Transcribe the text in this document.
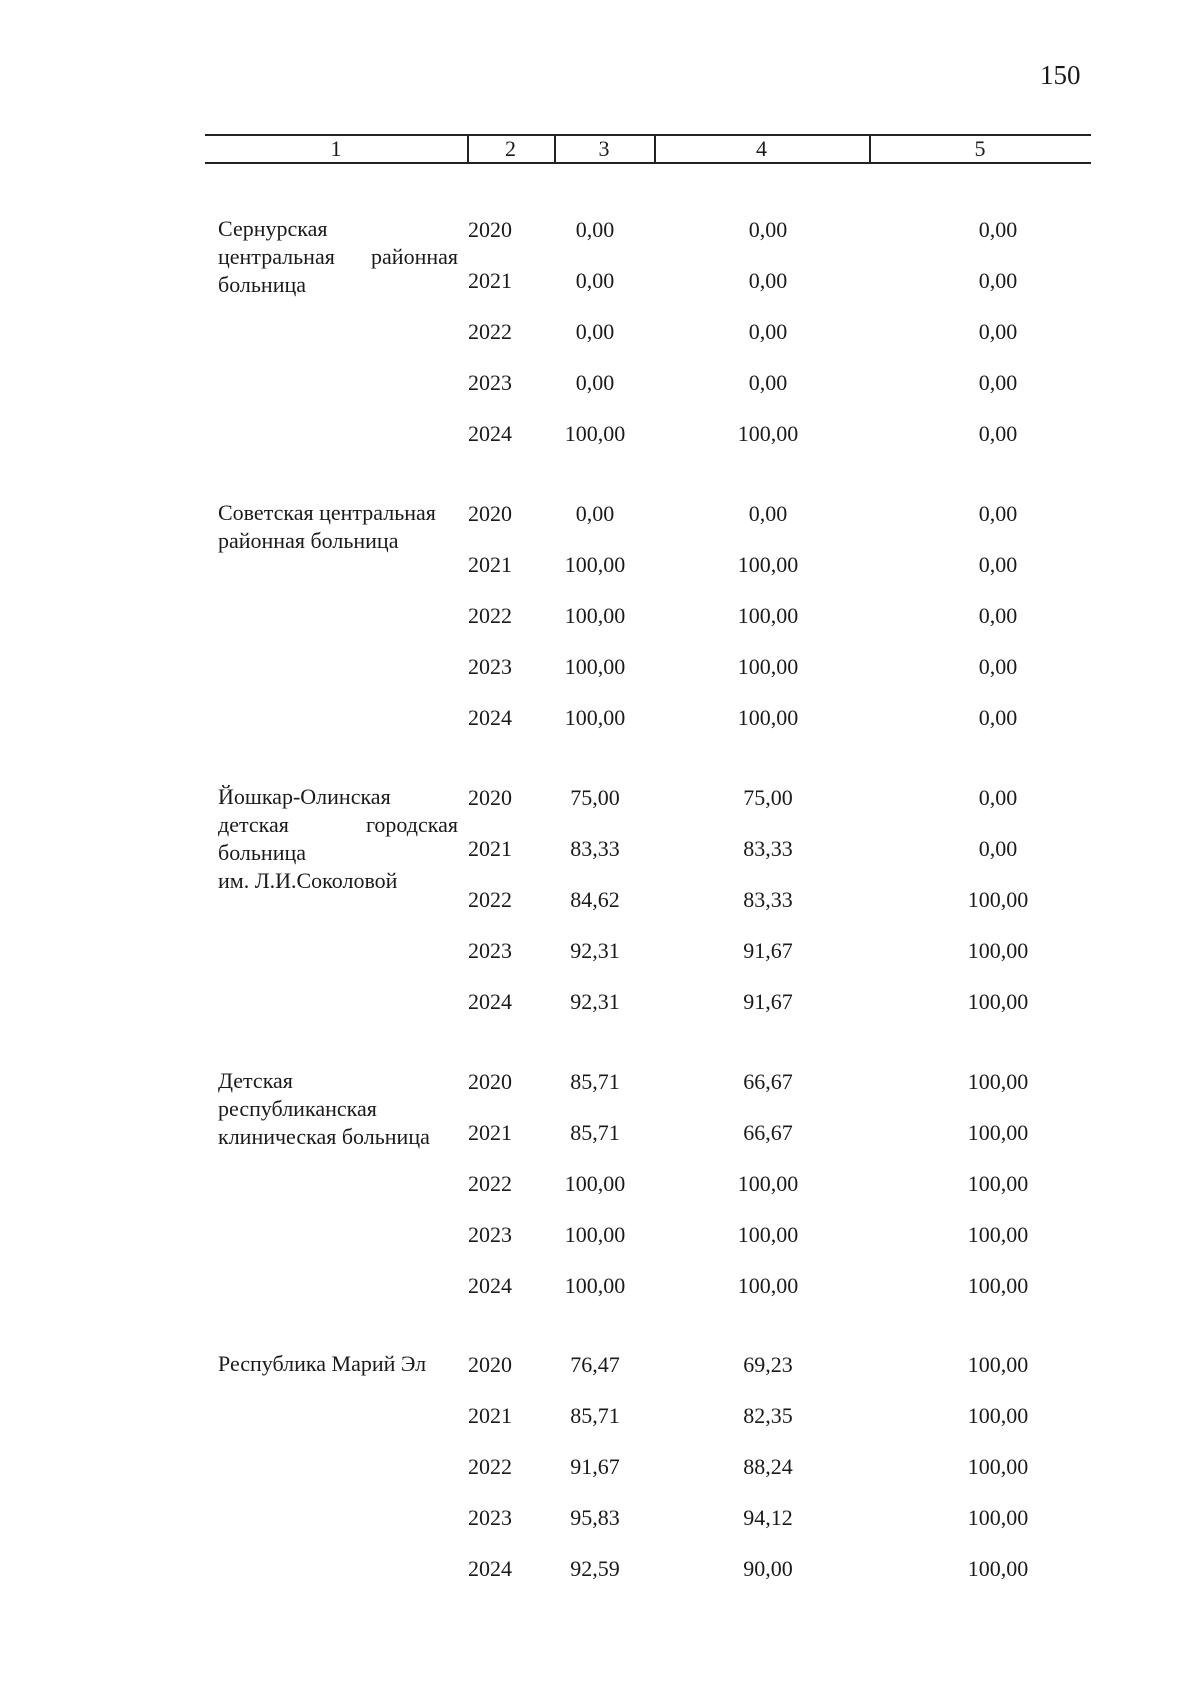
150
1	2	3	4	5
Сернурская
центральная районная
больница
2020	0,00	0,00	0,00
2021	0,00	0,00	0,00
2022	0,00	0,00	0,00
2023	0,00	0,00	0,00
2024	100,00	100,00	0,00
Советская центральная
районная больница
2020	0,00	0,00	0,00
2021	100,00	100,00	0,00
2022	100,00	100,00	0,00
2023	100,00	100,00	0,00
2024	100,00	100,00	0,00
Йошкар-Олинская
детская городская
больница
им. Л.И.Соколовой
2020	75,00	75,00	0,00
2021	83,33	83,33	0,00
2022	84,62	83,33	100,00
2023	92,31	91,67	100,00
2024	92,31	91,67	100,00
Детская
республиканская
клиническая больница
2020	85,71	66,67	100,00
2021	85,71	66,67	100,00
2022	100,00	100,00	100,00
2023	100,00	100,00	100,00
2024	100,00	100,00	100,00
Республика Марий Эл	2020	76,47	69,23	100,00
2021	85,71	82,35	100,00
2022	91,67	88,24	100,00
2023	95,83	94,12	100,00
2024	92,59	90,00	100,00
